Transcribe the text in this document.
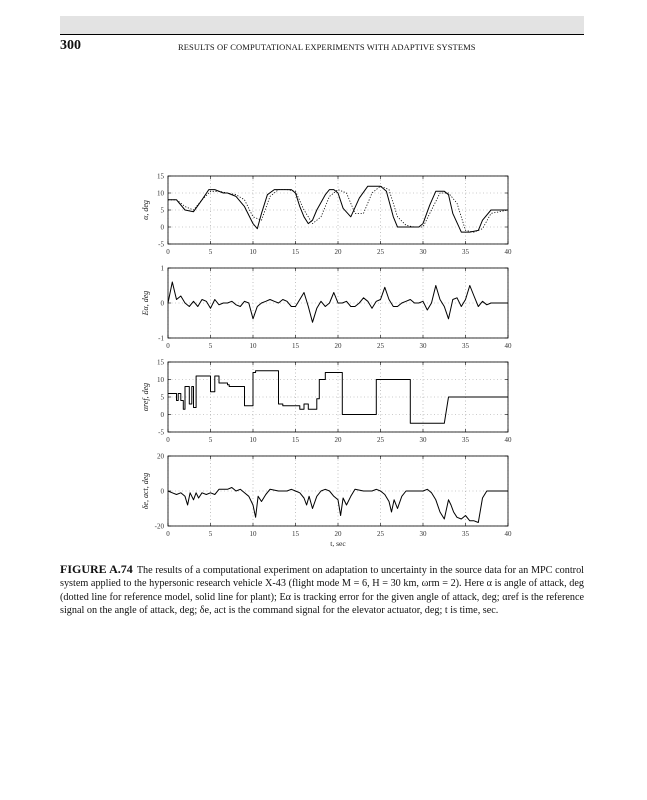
300	RESULTS OF COMPUTATIONAL EXPERIMENTS WITH ADAPTIVE SYSTEMS
0	5	10	15	20	25	30	35	40
15
10
5
0
-5
α, deg
0	5	10	15	20	25	30	35	40
1
0
-1
Eα, deg
0	5	10	15	20	25	30	35	40
15
10
5
0
-5
αref, deg
0	5	10	15	20	25	30	35	40
20
0
-20
δe, act, deg
t, sec
FIGURE A.74 The results of a computational experiment on adaptation to uncertainty in the source data for an MPC control system applied to the hypersonic research vehicle X-43 (flight mode M = 6, H = 30 km, ωrm = 2). Here α is angle of attack, deg (dotted line for reference model, solid line for plant); Eα is tracking error for the given angle of attack, deg; αref is the reference signal on the angle of attack, deg; δe, act is the command signal for the elevator actuator, deg; t is time, sec.
